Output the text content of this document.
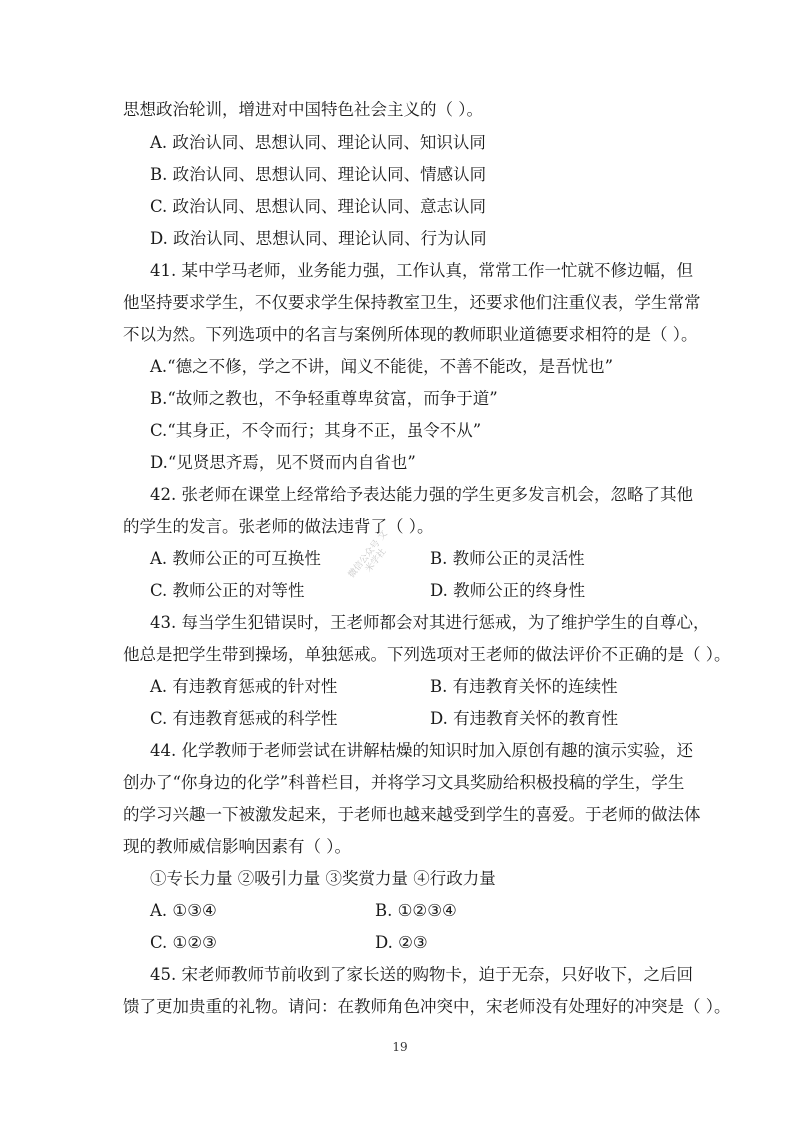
思想政治轮训，增进对中国特色社会主义的（ ）。
A. 政治认同、思想认同、理论认同、知识认同
B. 政治认同、思想认同、理论认同、情感认同
C. 政治认同、思想认同、理论认同、意志认同
D. 政治认同、思想认同、理论认同、行为认同
41. 某中学马老师，业务能力强，工作认真，常常工作一忙就不修边幅，但
他坚持要求学生，不仅要求学生保持教室卫生，还要求他们注重仪表，学生常常
不以为然。下列选项中的名言与案例所体现的教师职业道德要求相符的是（ ）。
A.“德之不修，学之不讲，闻义不能徙，不善不能改，是吾忧也”
B.“故师之教也，不争轻重尊卑贫富，而争于道”
C.“其身正，不令而行；其身不正，虽令不从”
D.“见贤思齐焉，见不贤而内自省也”
42. 张老师在课堂上经常给予表达能力强的学生更多发言机会，忽略了其他
的学生的发言。张老师的做法违背了（ ）。
A. 教师公正的可互换性	B. 教师公正的灵活性
C. 教师公正的对等性	D. 教师公正的终身性
微信公众号 文米学社
43. 每当学生犯错误时，王老师都会对其进行惩戒，为了维护学生的自尊心，
他总是把学生带到操场，单独惩戒。下列选项对王老师的做法评价不正确的是（ ）。
A. 有违教育惩戒的针对性	B. 有违教育关怀的连续性
C. 有违教育惩戒的科学性	D. 有违教育关怀的教育性
44. 化学教师于老师尝试在讲解枯燥的知识时加入原创有趣的演示实验，还
创办了“你身边的化学”科普栏目，并将学习文具奖励给积极投稿的学生，学生
的学习兴趣一下被激发起来，于老师也越来越受到学生的喜爱。于老师的做法体
现的教师威信影响因素有（ ）。
①专长力量 ②吸引力量 ③奖赏力量 ④行政力量
A. ①③④	B. ①②③④
C. ①②③	D. ②③
45. 宋老师教师节前收到了家长送的购物卡，迫于无奈，只好收下，之后回
馈了更加贵重的礼物。请问：在教师角色冲突中，宋老师没有处理好的冲突是（ ）。
19
